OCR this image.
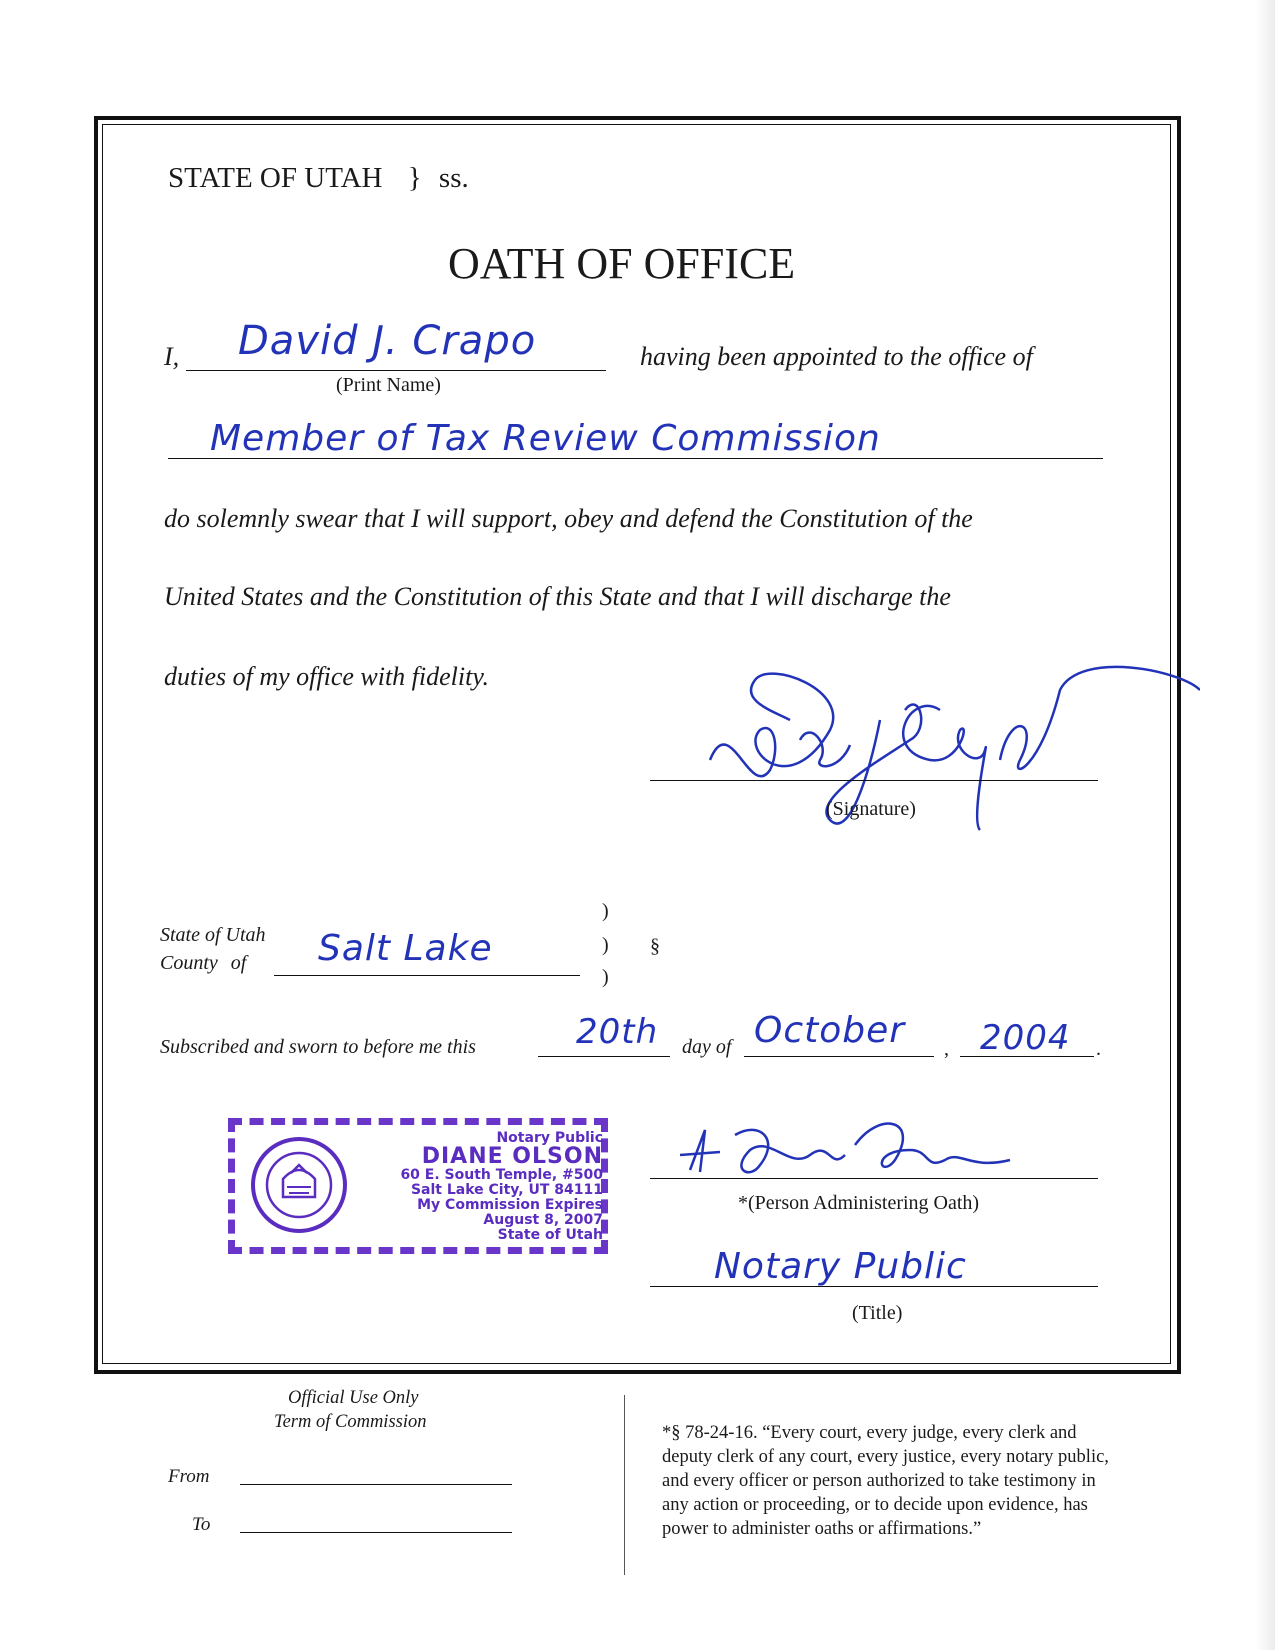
STATE OF UTAH } ss.
OATH OF OFFICE
I, David J. Crapo
(Print Name)
having been appointed to the office of
Member of Tax Review Commission
do solemnly swear that I will support, obey and defend the Constitution of the
United States and the Constitution of this State and that I will discharge the
duties of my office with fidelity.
(Signature)
State of Utah
County of Salt Lake
)
)
)
§
Subscribed and sworn to before me this	20th day of October , 2004 .
Notary Public
DIANE OLSON
60 E. South Temple, #500
Salt Lake City, UT 84111
My Commission Expires
August 8, 2007
State of Utah
*(Person Administering Oath)
Notary Public
(Title)
Official Use Only
Term of Commission
From
To

*§ 78-24-16. “Every court, every judge, every clerk and

deputy clerk of any court, every justice, every notary public,

and every officer or person authorized to take testimony in

any action or proceeding, or to decide upon evidence, has

power to administer oaths or affirmations.”
